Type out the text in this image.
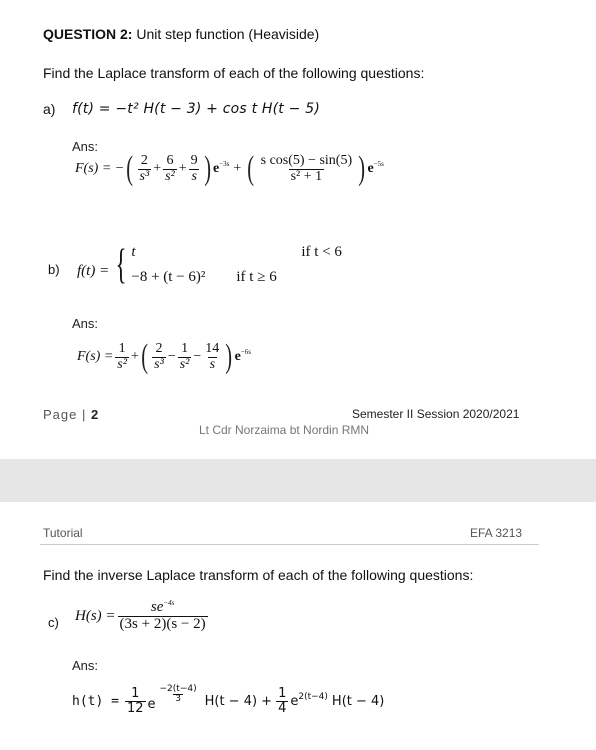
QUESTION 2: Unit step function (Heaviside)
Find the Laplace transform of each of the following questions:
a) f(t) = −t² H(t − 3) + cos t H(t − 5)
Ans:
F(s) = − ( $\frac{2}{\text{s³}} + \frac{6}{\text{s²}} + \frac{9}{s}$ ) $e^{-3s}$ + ( $\frac{\text{s cos(5) − sin(5)}}{\text{s² + 1}}$ ) $e^{-5s}$
b) f(t) = { t	if t < 6
−8 + (t − 6)²	if t ≥ 6
Ans:
$F(s) = \frac{1}{\text{s²}}$ + ( $\frac{2}{\text{s³}} - \frac{1}{\text{s²}} - \frac{14}{s}$ ) $e^{-6s}$
Page | 2	Semester II Session 2020/2021
Lt Cdr Norzaima bt Nordin RMN
Tutorial	EFA 3213
Find the inverse Laplace transform of each of the following questions:
c) $H(s) = \frac{se^{-4s}}{(3s + 2)(s - 2)}$
Ans:
$h(t) = \frac{1}{12}$ e $\frac{-2(t-4)}{3} H(t - 4) + \frac{1}{4} e^{2(t-4)}$ H(t − 4)
